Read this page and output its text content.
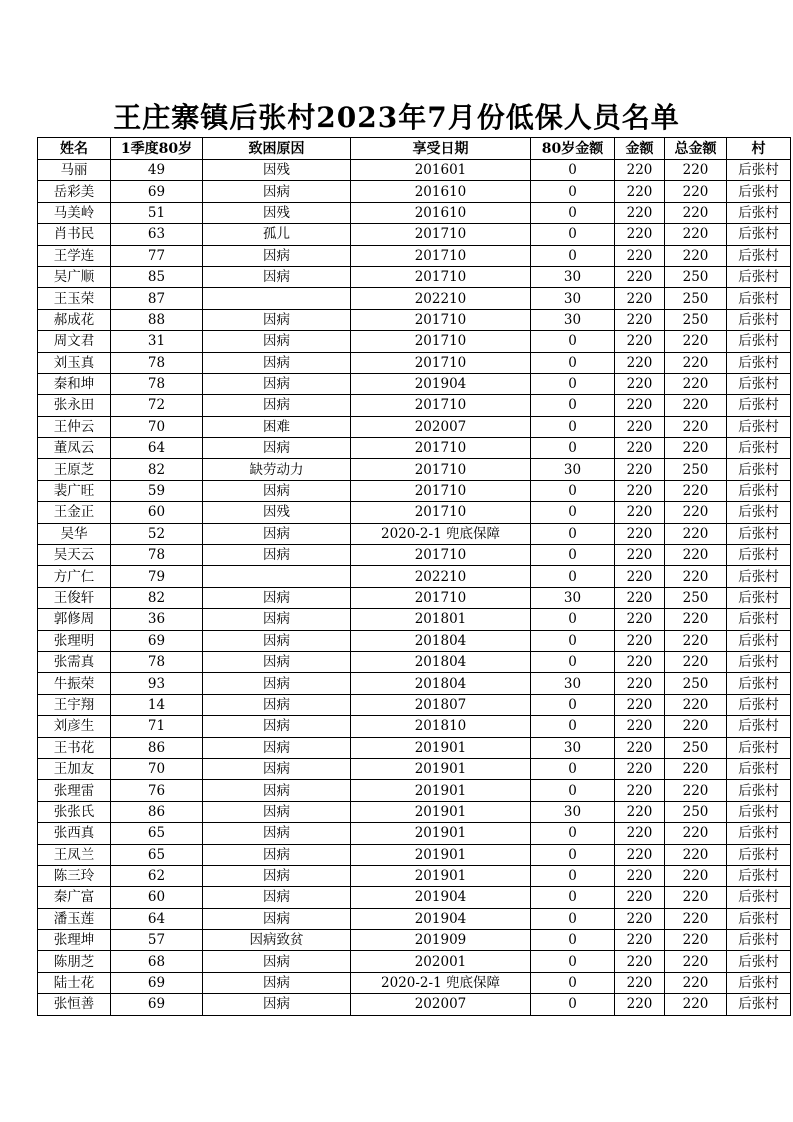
王庄寨镇后张村2023年7月份低保人员名单
姓名	1季度80岁	致困原因	享受日期	80岁金额	金额	总金额	村
马丽	49	因残	201601	0	220	220	后张村
岳彩美	69	因病	201610	0	220	220	后张村
马美岭	51	因残	201610	0	220	220	后张村
肖书民	63	孤儿	201710	0	220	220	后张村
王学连	77	因病	201710	0	220	220	后张村
吴广顺	85	因病	201710	30	220	250	后张村
王玉荣	87		202210	30	220	250	后张村
郝成花	88	因病	201710	30	220	250	后张村
周文君	31	因病	201710	0	220	220	后张村
刘玉真	78	因病	201710	0	220	220	后张村
秦和坤	78	因病	201904	0	220	220	后张村
张永田	72	因病	201710	0	220	220	后张村
王仲云	70	困难	202007	0	220	220	后张村
董凤云	64	因病	201710	0	220	220	后张村
王原芝	82	缺劳动力	201710	30	220	250	后张村
裴广旺	59	因病	201710	0	220	220	后张村
王金正	60	因残	201710	0	220	220	后张村
吴华	52	因病	2020-2-1 兜底保障	0	220	220	后张村
吴天云	78	因病	201710	0	220	220	后张村
方广仁	79		202210	0	220	220	后张村
王俊轩	82	因病	201710	30	220	250	后张村
郭修周	36	因病	201801	0	220	220	后张村
张理明	69	因病	201804	0	220	220	后张村
张需真	78	因病	201804	0	220	220	后张村
牛振荣	93	因病	201804	30	220	250	后张村
王宇翔	14	因病	201807	0	220	220	后张村
刘彦生	71	因病	201810	0	220	220	后张村
王书花	86	因病	201901	30	220	250	后张村
王加友	70	因病	201901	0	220	220	后张村
张理雷	76	因病	201901	0	220	220	后张村
张张氏	86	因病	201901	30	220	250	后张村
张西真	65	因病	201901	0	220	220	后张村
王凤兰	65	因病	201901	0	220	220	后张村
陈三玲	62	因病	201901	0	220	220	后张村
秦广富	60	因病	201904	0	220	220	后张村
潘玉莲	64	因病	201904	0	220	220	后张村
张理坤	57	因病致贫	201909	0	220	220	后张村
陈朋芝	68	因病	202001	0	220	220	后张村
陆士花	69	因病	2020-2-1 兜底保障	0	220	220	后张村
张恒善	69	因病	202007	0	220	220	后张村
